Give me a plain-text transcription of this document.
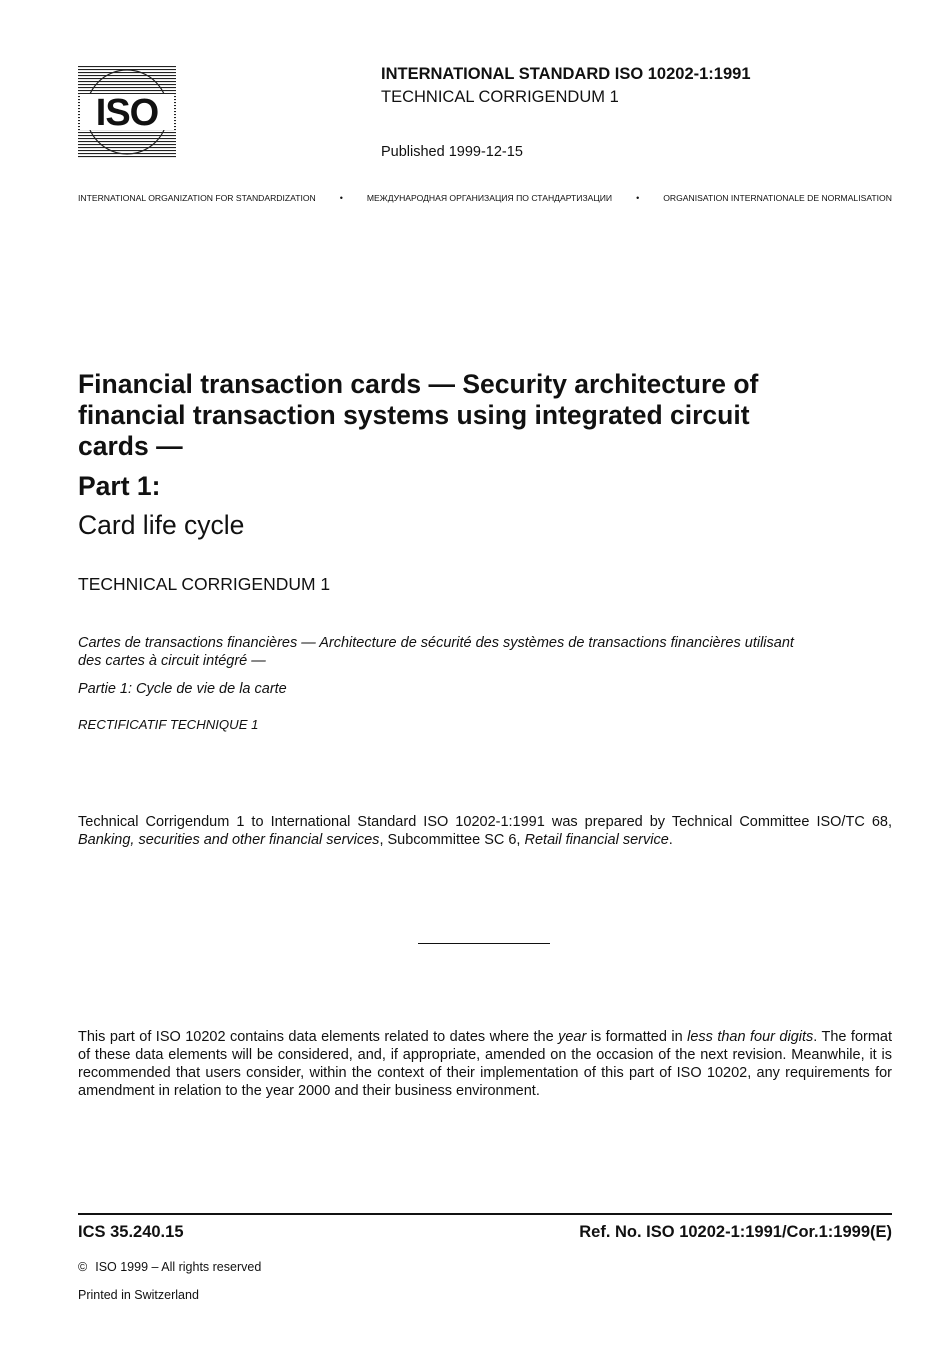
ISO
INTERNATIONAL STANDARD ISO 10202-1:1991
TECHNICAL CORRIGENDUM 1
Published 1999-12-15
INTERNATIONAL ORGANIZATION FOR STANDARDIZATION	•	МЕЖДУНАРОДНАЯ ОРГАНИЗАЦИЯ ПО СТАНДАРТИЗАЦИИ	•	ORGANISATION INTERNATIONALE DE NORMALISATION
Financial transaction cards — Security architecture of
financial transaction systems using integrated circuit
cards —
Part 1:
Card life cycle
TECHNICAL CORRIGENDUM 1
Cartes de transactions financières — Architecture de sécurité des systèmes de transactions financières utilisant
des cartes à circuit intégré —
Partie 1: Cycle de vie de la carte
RECTIFICATIF TECHNIQUE 1
Technical Corrigendum 1 to International Standard ISO 10202-1:1991 was prepared by Technical Committee ISO/TC 68, Banking, securities and other financial services, Subcommittee SC 6, Retail financial service.
This part of ISO 10202 contains data elements related to dates where the year is formatted in less than four digits. The format of these data elements will be considered, and, if appropriate, amended on the occasion of the next revision. Meanwhile, it is recommended that users consider, within the context of their implementation of this part of ISO 10202, any requirements for amendment in relation to the year 2000 and their business environment.
ICS 35.240.15	Ref. No. ISO 10202-1:1991/Cor.1:1999(E)
© ISO 1999 – All rights reserved
Printed in Switzerland
